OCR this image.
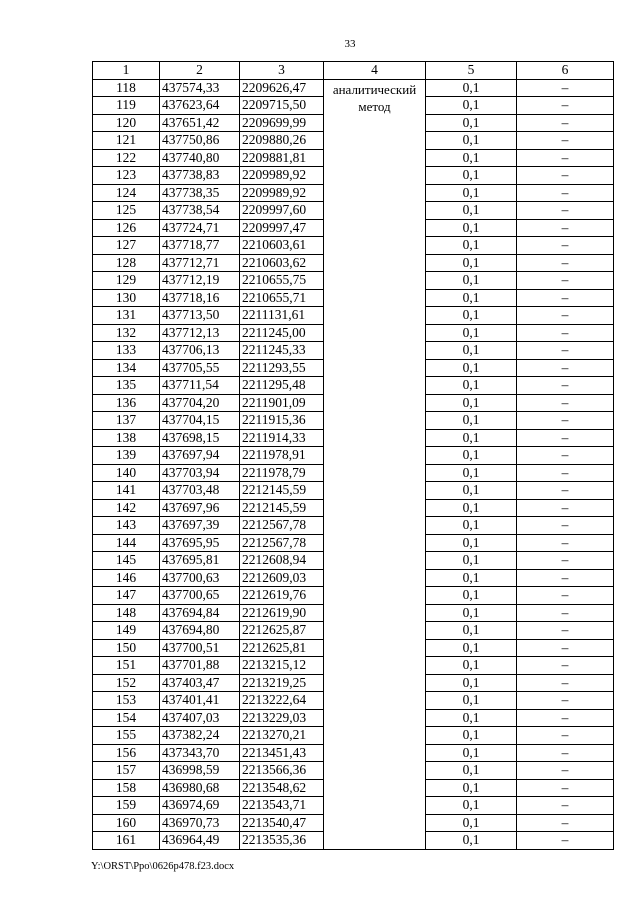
33
1	2	3	4	5	6
118	437574,33	2209626,47	аналитический метод	0,1	–
119	437623,64	2209715,50		0,1	–
120	437651,42	2209699,99		0,1	–
121	437750,86	2209880,26		0,1	–
122	437740,80	2209881,81		0,1	–
123	437738,83	2209989,92		0,1	–
124	437738,35	2209989,92		0,1	–
125	437738,54	2209997,60		0,1	–
126	437724,71	2209997,47		0,1	–
127	437718,77	2210603,61		0,1	–
128	437712,71	2210603,62		0,1	–
129	437712,19	2210655,75		0,1	–
130	437718,16	2210655,71		0,1	–
131	437713,50	2211131,61		0,1	–
132	437712,13	2211245,00		0,1	–
133	437706,13	2211245,33		0,1	–
134	437705,55	2211293,55		0,1	–
135	437711,54	2211295,48		0,1	–
136	437704,20	2211901,09		0,1	–
137	437704,15	2211915,36		0,1	–
138	437698,15	2211914,33		0,1	–
139	437697,94	2211978,91		0,1	–
140	437703,94	2211978,79		0,1	–
141	437703,48	2212145,59		0,1	–
142	437697,96	2212145,59		0,1	–
143	437697,39	2212567,78		0,1	–
144	437695,95	2212567,78		0,1	–
145	437695,81	2212608,94		0,1	–
146	437700,63	2212609,03		0,1	–
147	437700,65	2212619,76		0,1	–
148	437694,84	2212619,90		0,1	–
149	437694,80	2212625,87		0,1	–
150	437700,51	2212625,81		0,1	–
151	437701,88	2213215,12		0,1	–
152	437403,47	2213219,25		0,1	–
153	437401,41	2213222,64		0,1	–
154	437407,03	2213229,03		0,1	–
155	437382,24	2213270,21		0,1	–
156	437343,70	2213451,43		0,1	–
157	436998,59	2213566,36		0,1	–
158	436980,68	2213548,62		0,1	–
159	436974,69	2213543,71		0,1	–
160	436970,73	2213540,47		0,1	–
161	436964,49	2213535,36		0,1	–
Y:\ORST\Ppo\0626p478.f23.docx
